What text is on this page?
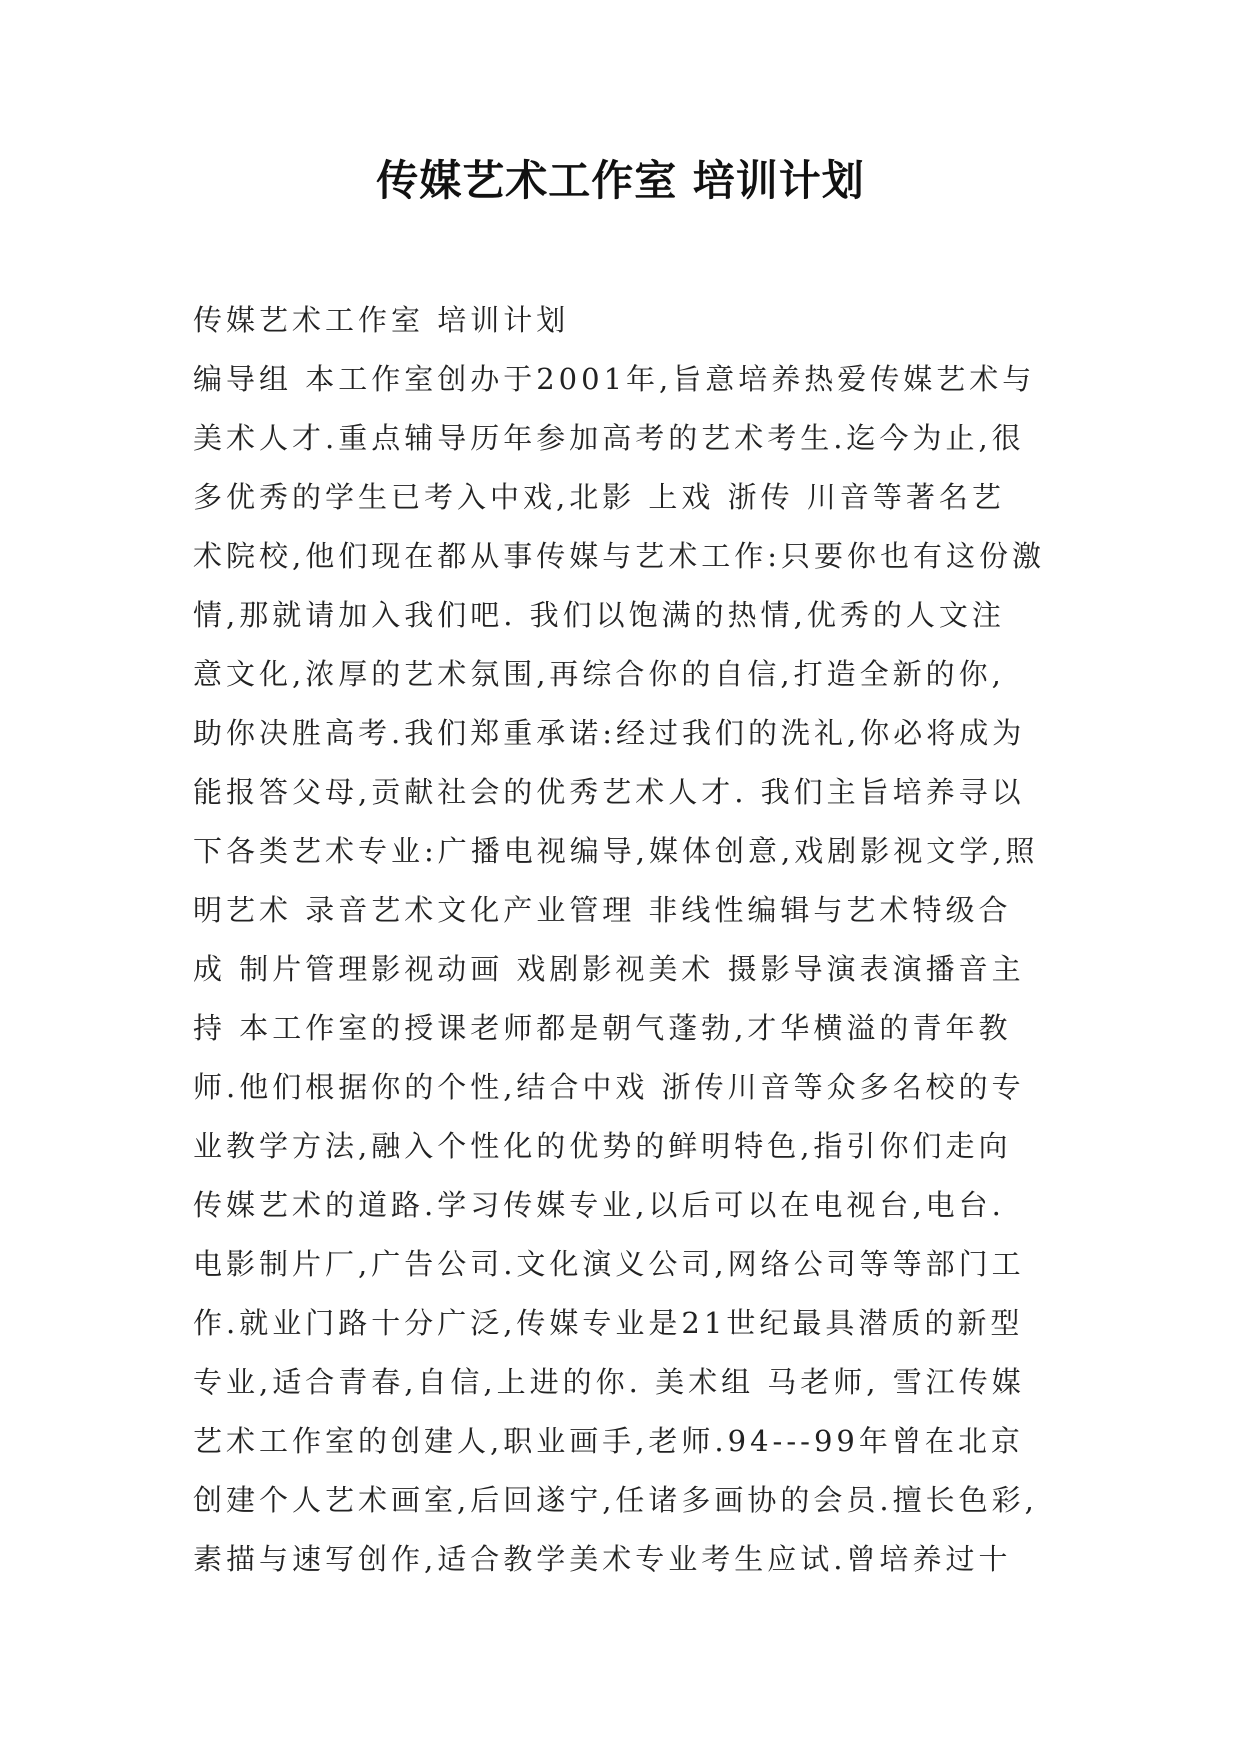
传媒艺术工作室 培训计划
传媒艺术工作室 培训计划
编导组 本工作室创办于2001年,旨意培养热爱传媒艺术与
美术人才.重点辅导历年参加高考的艺术考生.迄今为止,很
多优秀的学生已考入中戏,北影 上戏 浙传 川音等著名艺
术院校,他们现在都从事传媒与艺术工作:只要你也有这份激
情,那就请加入我们吧. 我们以饱满的热情,优秀的人文注
意文化,浓厚的艺术氛围,再综合你的自信,打造全新的你,
助你决胜高考.我们郑重承诺:经过我们的洗礼,你必将成为
能报答父母,贡献社会的优秀艺术人才. 我们主旨培养寻以
下各类艺术专业:广播电视编导,媒体创意,戏剧影视文学,照
明艺术 录音艺术文化产业管理 非线性编辑与艺术特级合
成 制片管理影视动画 戏剧影视美术 摄影导演表演播音主
持 本工作室的授课老师都是朝气蓬勃,才华横溢的青年教
师.他们根据你的个性,结合中戏 浙传川音等众多名校的专
业教学方法,融入个性化的优势的鲜明特色,指引你们走向
传媒艺术的道路.学习传媒专业,以后可以在电视台,电台.
电影制片厂,广告公司.文化演义公司,网络公司等等部门工
作.就业门路十分广泛,传媒专业是21世纪最具潜质的新型
专业,适合青春,自信,上进的你. 美术组 马老师, 雪江传媒
艺术工作室的创建人,职业画手,老师.94---99年曾在北京
创建个人艺术画室,后回遂宁,任诸多画协的会员.擅长色彩,
素描与速写创作,适合教学美术专业考生应试.曾培养过十
